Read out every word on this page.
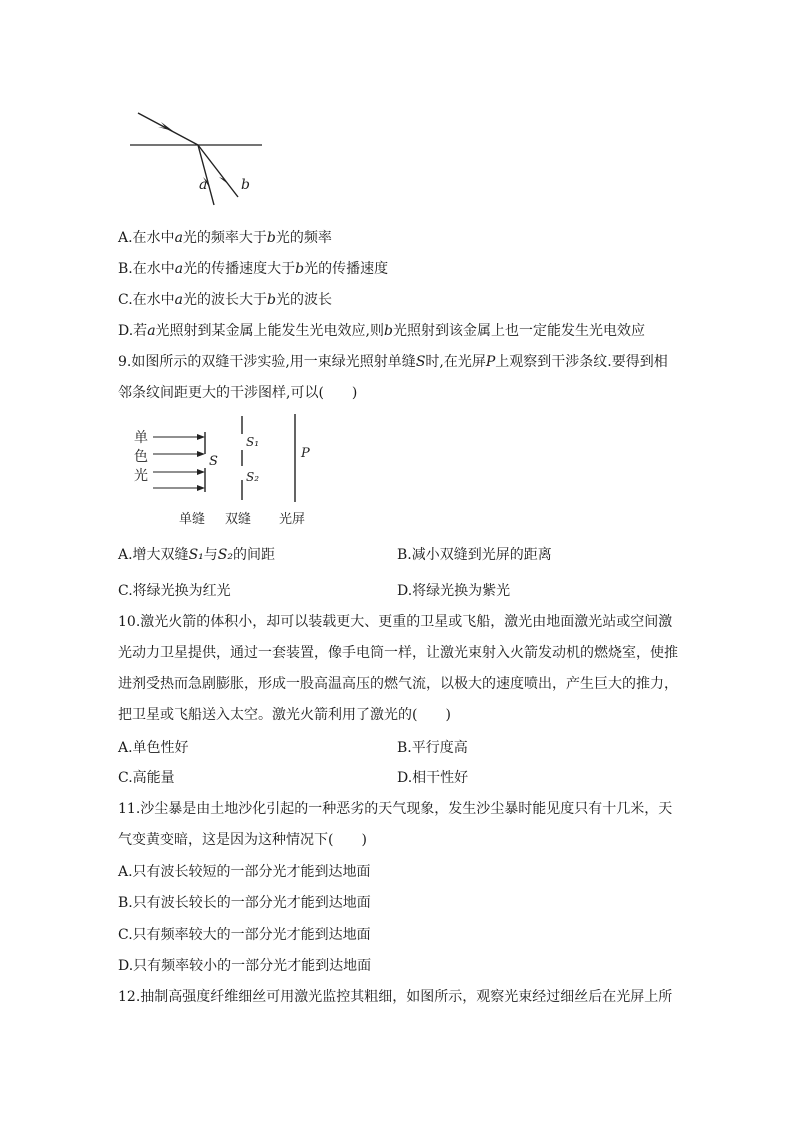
a b
A.在水中a光的频率大于b光的频率
B.在水中a光的传播速度大于b光的传播速度
C.在水中a光的波长大于b光的波长
D.若a光照射到某金属上能发生光电效应,则b光照射到该金属上也一定能发生光电效应
9.如图所示的双缝干涉实验,用一束绿光照射单缝S时,在光屏P上观察到干涉条纹.要得到相
邻条纹间距更大的干涉图样,可以(　　)
单
色
光
S
S₁
S₂
P
单缝 双缝 光屏
A.增大双缝S₁与S₂的间距	B.减小双缝到光屏的距离
C.将绿光换为红光	D.将绿光换为紫光
10.激光火箭的体积小，却可以装载更大、更重的卫星或飞船，激光由地面激光站或空间激光动力卫星提供，通过一套装置，像手电筒一样，让激光束射入火箭发动机的燃烧室，使推进剂受热而急剧膨胀，形成一股高温高压的燃气流，以极大的速度喷出，产生巨大的推力，把卫星或飞船送入太空。激光火箭利用了激光的(　　)
A.单色性好	B.平行度高
C.高能量	D.相干性好
11.沙尘暴是由土地沙化引起的一种恶劣的天气现象，发生沙尘暴时能见度只有十几米，天气变黄变暗，这是因为这种情况下(　　)
A.只有波长较短的一部分光才能到达地面
B.只有波长较长的一部分光才能到达地面
C.只有频率较大的一部分光才能到达地面
D.只有频率较小的一部分光才能到达地面
12.抽制高强度纤维细丝可用激光监控其粗细，如图所示，观察光束经过细丝后在光屏上所
